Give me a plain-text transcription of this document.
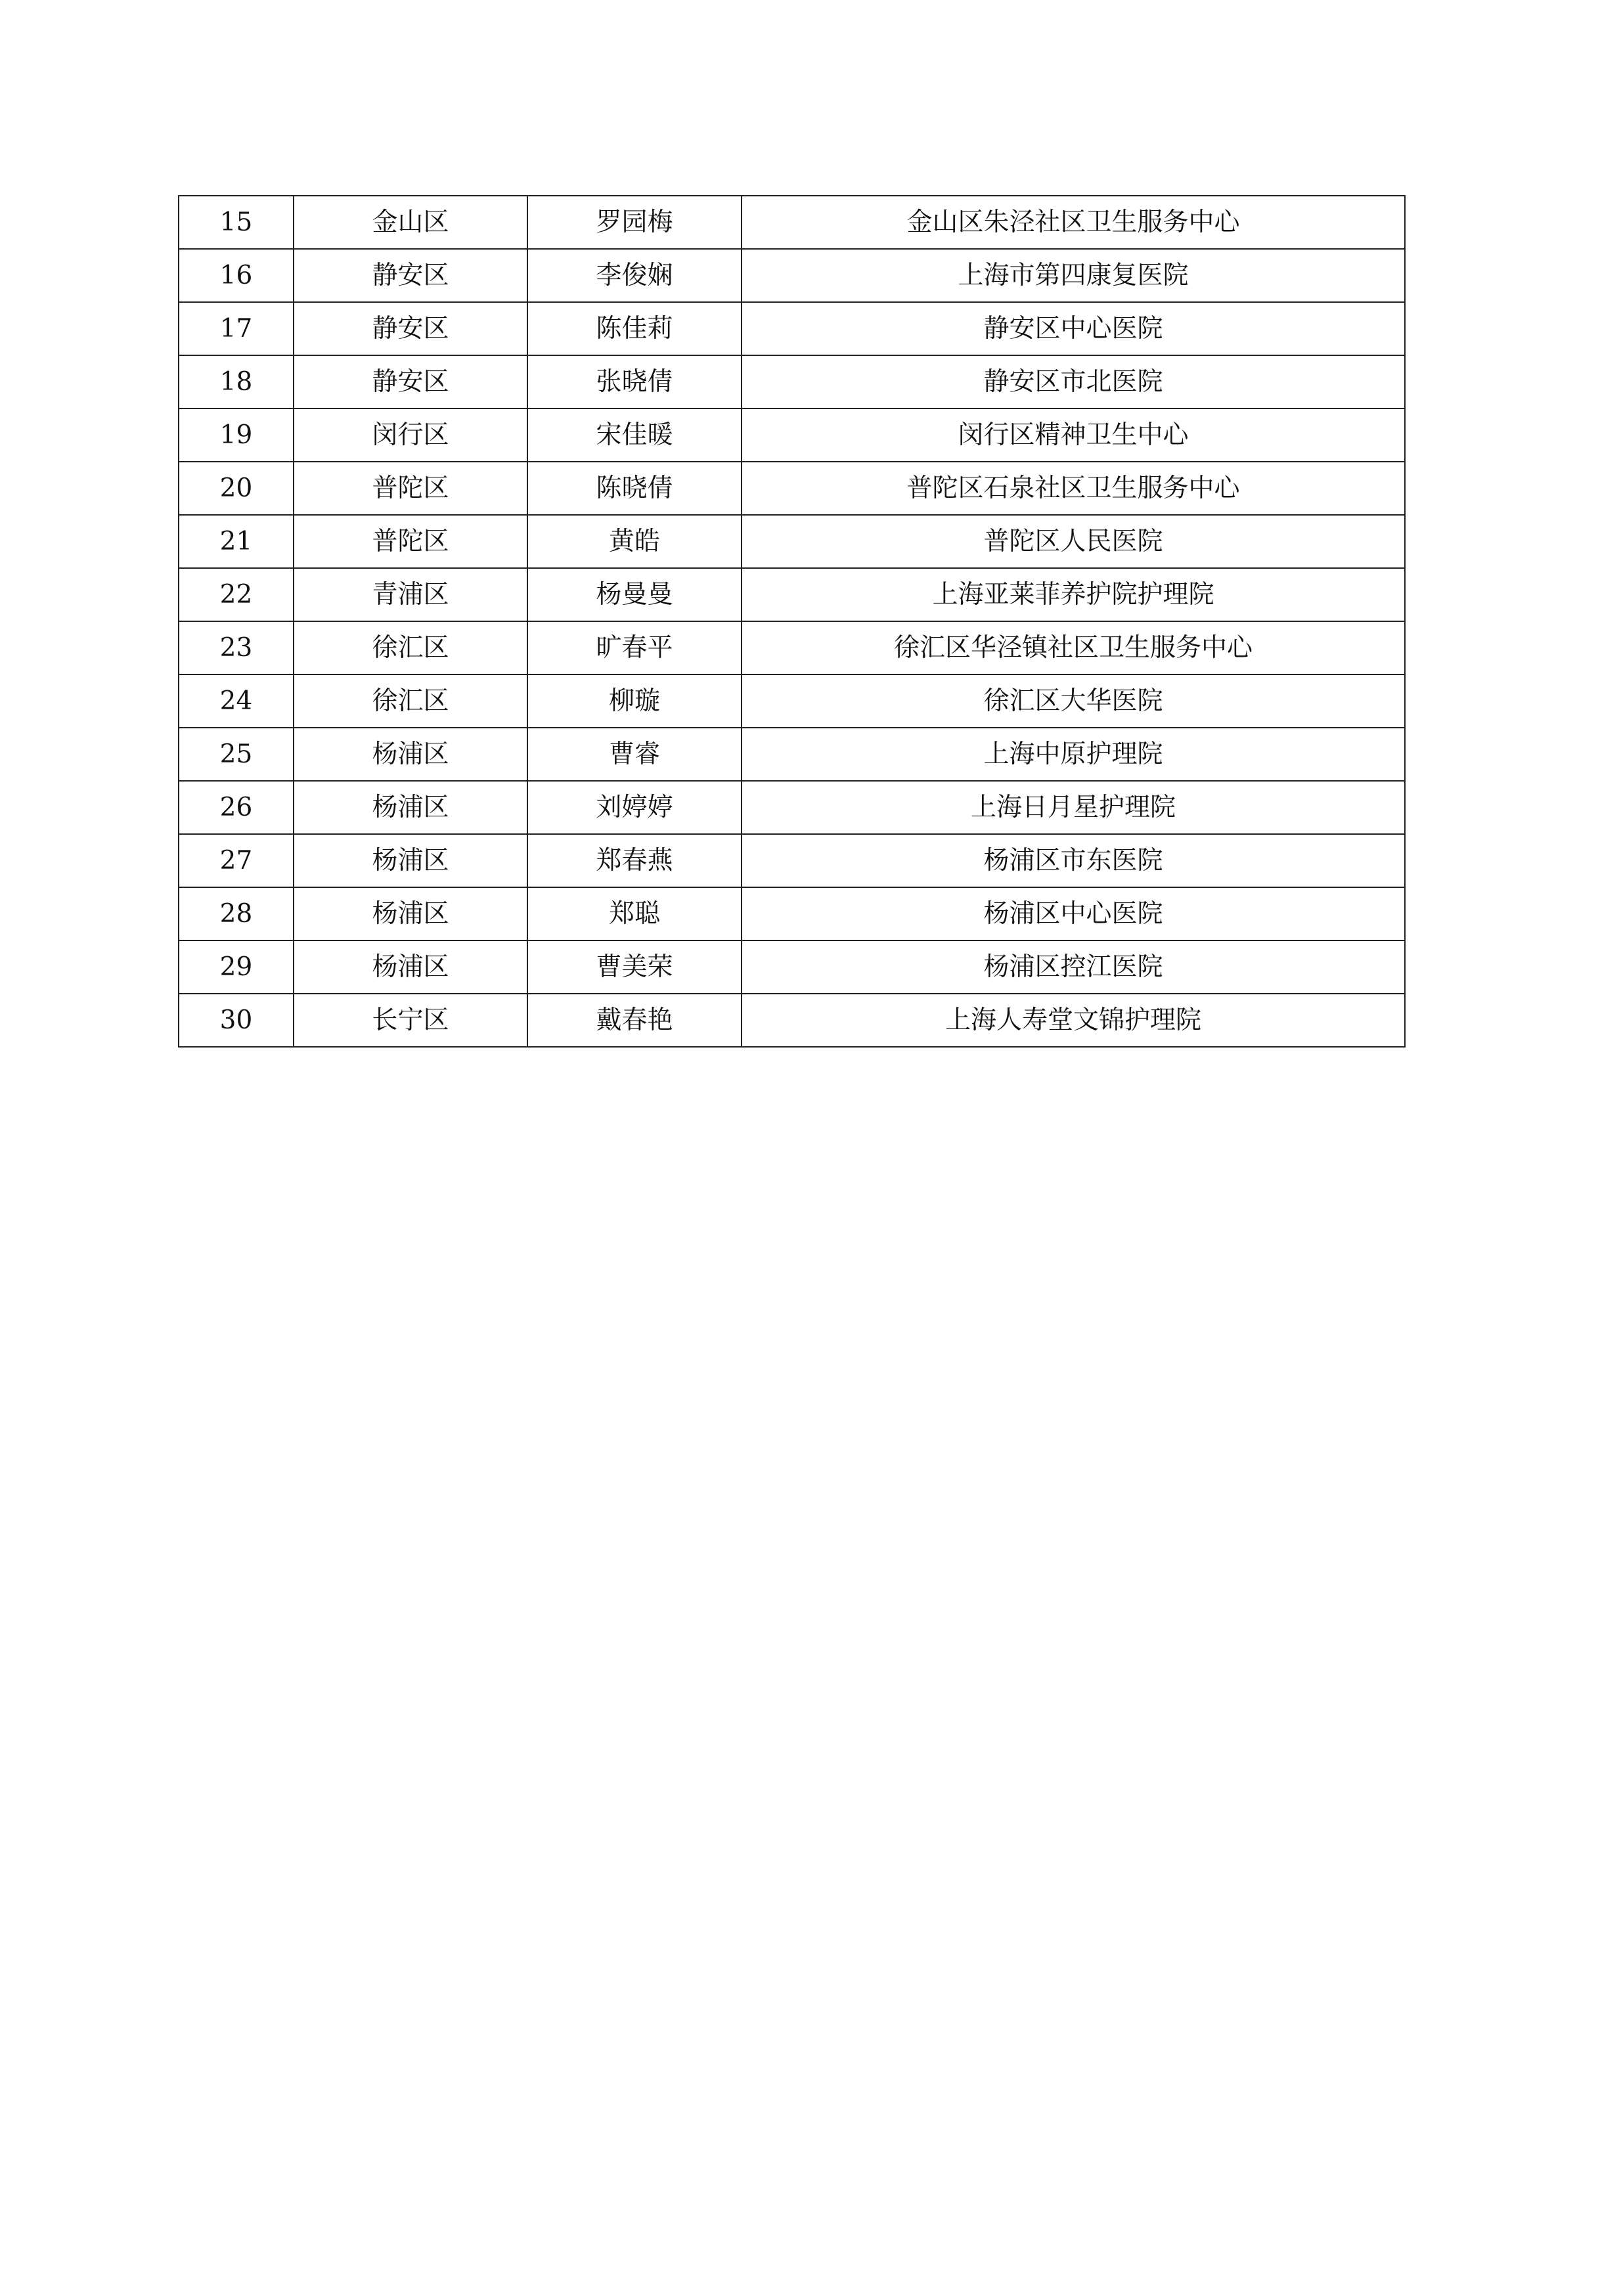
15	金山区	罗园梅	金山区朱泾社区卫生服务中心
16	静安区	李俊娴	上海市第四康复医院
17	静安区	陈佳莉	静安区中心医院
18	静安区	张晓倩	静安区市北医院
19	闵行区	宋佳暖	闵行区精神卫生中心
20	普陀区	陈晓倩	普陀区石泉社区卫生服务中心
21	普陀区	黄皓	普陀区人民医院
22	青浦区	杨曼曼	上海亚莱菲养护院护理院
23	徐汇区	旷春平	徐汇区华泾镇社区卫生服务中心
24	徐汇区	柳璇	徐汇区大华医院
25	杨浦区	曹睿	上海中原护理院
26	杨浦区	刘婷婷	上海日月星护理院
27	杨浦区	郑春燕	杨浦区市东医院
28	杨浦区	郑聪	杨浦区中心医院
29	杨浦区	曹美荣	杨浦区控江医院
30	长宁区	戴春艳	上海人寿堂文锦护理院
